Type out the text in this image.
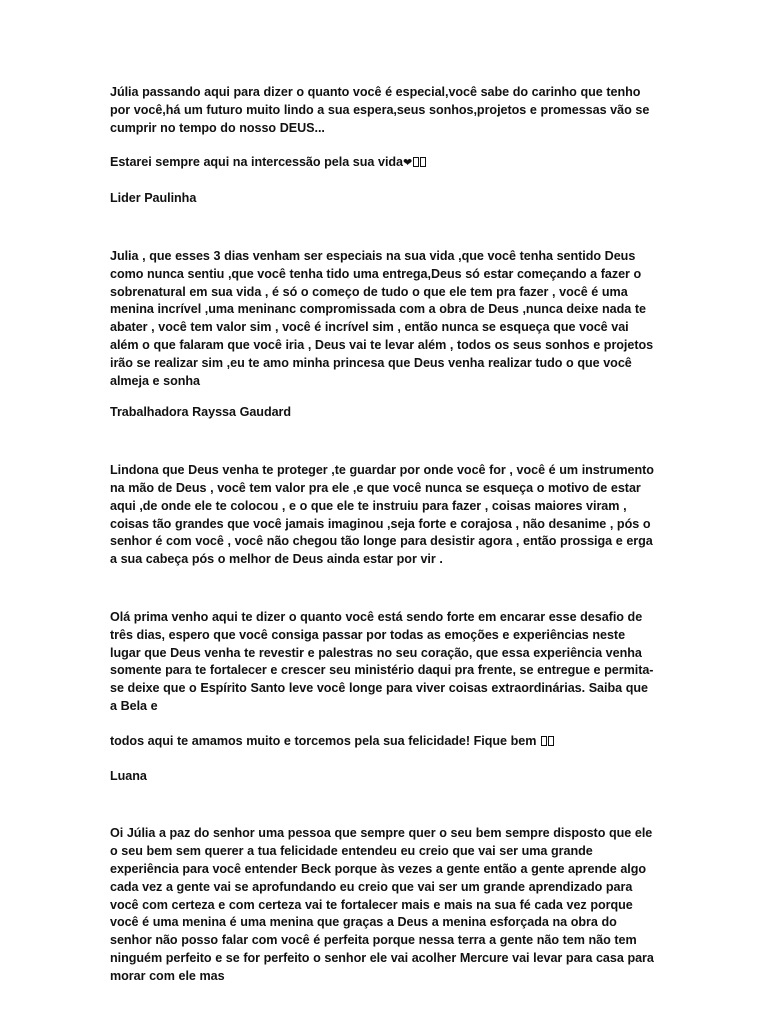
Júlia passando aqui para dizer o quanto você é especial,você sabe do carinho que tenho por você,há um futuro muito lindo a sua espera,seus sonhos,projetos e promessas vão se cumprir no tempo do nosso DEUS...

Estarei sempre aqui na intercessão pela sua vida❤

Lider Paulinha

Julia , que esses 3 dias venham ser especiais na sua vida ,que você tenha sentido Deus como nunca sentiu ,que você tenha tido uma entrega,Deus só estar começando a fazer o sobrenatural em sua vida , é só o começo de tudo o que ele tem pra fazer , você é uma menina incrível ,uma meninanc compromissada com a obra de Deus ,nunca deixe nada te abater , você tem valor sim , você é incrível sim , então nunca se esqueça que você vai além o que falaram que você iria , Deus vai te levar além , todos os seus sonhos e projetos irão se realizar sim ,eu te amo minha princesa que Deus venha realizar tudo o que você almeja e sonha

Trabalhadora Rayssa Gaudard

Lindona que Deus venha te proteger ,te guardar por onde você for , você é um instrumento na mão de Deus , você tem valor pra ele ,e que você nunca se esqueça o motivo de estar aqui ,de onde ele te colocou , e o que ele te instruiu para fazer , coisas maiores viram , coisas tão grandes que você jamais imaginou ,seja forte e corajosa , não desanime , pós o senhor é com você , você não chegou tão longe para desistir agora , então prossiga e erga a sua cabeça pós o melhor de Deus ainda estar por vir .

Olá prima venho aqui te dizer o quanto você está sendo forte em encarar esse desafio de três dias, espero que você consiga passar por todas as emoções e experiências neste lugar que Deus venha te revestir e palestras no seu coração, que essa experiência venha somente para te fortalecer e crescer seu ministério daqui pra frente, se entregue e permita-se deixe que o Espírito Santo leve você longe para viver coisas extraordinárias. Saiba que a Bela e

todos aqui te amamos muito e torcemos pela sua felicidade! Fique bem

Luana

Oi Júlia a paz do senhor uma pessoa que sempre quer o seu bem sempre disposto que ele o seu bem sem querer a tua felicidade entendeu eu creio que vai ser uma grande experiência para você entender Beck porque às vezes a gente então a gente aprende algo cada vez a gente vai se aprofundando eu creio que vai ser um grande aprendizado para você com certeza e com certeza vai te fortalecer mais e mais na sua fé cada vez porque você é uma menina é uma menina que graças a Deus a menina esforçada na obra do senhor não posso falar com você é perfeita porque nessa terra a gente não tem não tem ninguém perfeito e se for perfeito o senhor ele vai acolher Mercure vai levar para casa para morar com ele mas
